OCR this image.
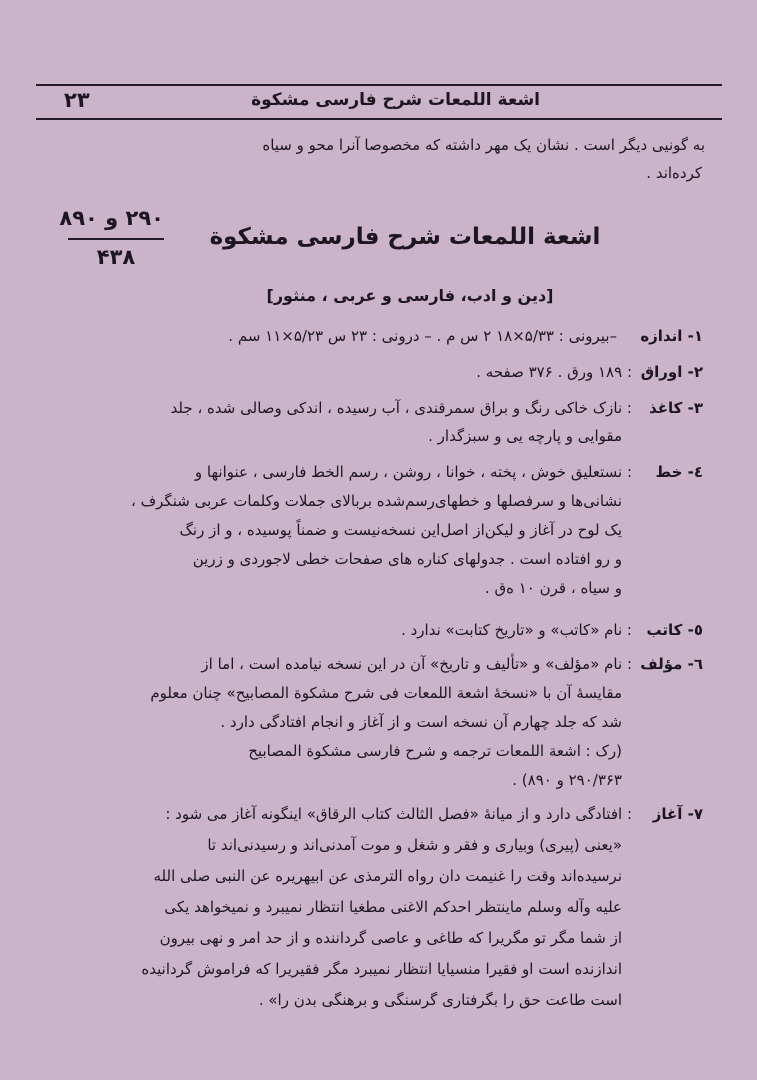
اشعة اللمعات شرح فارسی مشکوة
۲۳
به گونیی دیگر است . نشان یک مهر داشته که مخصوصا آنرا محو و سیاه
کرده‌اند .
۲۹۰ و ۸۹۰
۴۳۸
اشعة اللمعات شرح فارسی مشکوة
[دین و ادب، فارسی و عربی ، منثور]
۱- اندازه
–بیرونی : ۵/۳۳×۱۸ ۲ س م . – درونی : ۲۳ س ۵/۲۳×۱۱ سم .
۲- اوراق
: ۱۸۹ ورق . ۳۷۶ صفحه .
۳- کاغذ
: نازک خاکی رنگ و براق سمرقندی ، آب رسیده ، اندکی وصالی شده ، جلد
مقوایی و پارچه یی و سبزگدار .
٤- خط
: نستعلیق خوش ، پخته ، خوانا ، روشن ، رسم الخط فارسی ، عنوانها و
نشانی‌ها و سرفصلها و خطهای‌رسم‌شده بربالای جملات وکلمات عربی شنگرف ،
یک لوح در آغاز و لیکن‌از اصل‌این نسخه‌نیست و ضمناً پوسیده ، و از رنگ
و رو افتاده است . جدولهای کناره های صفحات خطی لاجوردی و زرین
و سیاه ، قرن ۱۰ ه‌ق .
٥- کاتب
: نام «کاتب» و «تاریخ کتابت» ندارد .
٦- مؤلف
: نام «مؤلف» و «تألیف و تاریخ» آن در این نسخه نیامده است ، اما از
مقایسهٔ آن با «نسخهٔ اشعة اللمعات فی شرح مشکوة المصابیح» چنان معلوم
شد که جلد چهارم آن نسخه است و از آغاز و انجام افتادگی دارد .
(رک : اشعة اللمعات ترجمه و شرح فارسی مشکوة المصابیح
۲۹۰/۳۶۳ و ۸۹۰) .
۷- آغاز
: افتادگی دارد و از میانهٔ «فصل الثالث کتاب الرقاق» اینگونه آغاز می شود :
«یعنی (پیری) وبیاری و فقر و شغل و موت آمدنی‌اند و رسیدنی‌اند تا
نرسیده‌اند وقت را غنیمت دان رواه الترمذی عن ابیهریره عن النبی صلی الله
علیه وآله وسلم ماینتظر احدکم الاغنی مطغیا انتظار نمیبرد و نمیخواهد یکی
از شما مگر تو مگریرا که طاغی و عاصی گرداننده و از حد امر و نهی بیرون
اندازنده است او فقیرا منسیایا انتظار نمیبرد مگر فقیریرا که فراموش گردانیده
است طاعت حق را بگرفتاری گرسنگی و برهنگی بدن را» .
